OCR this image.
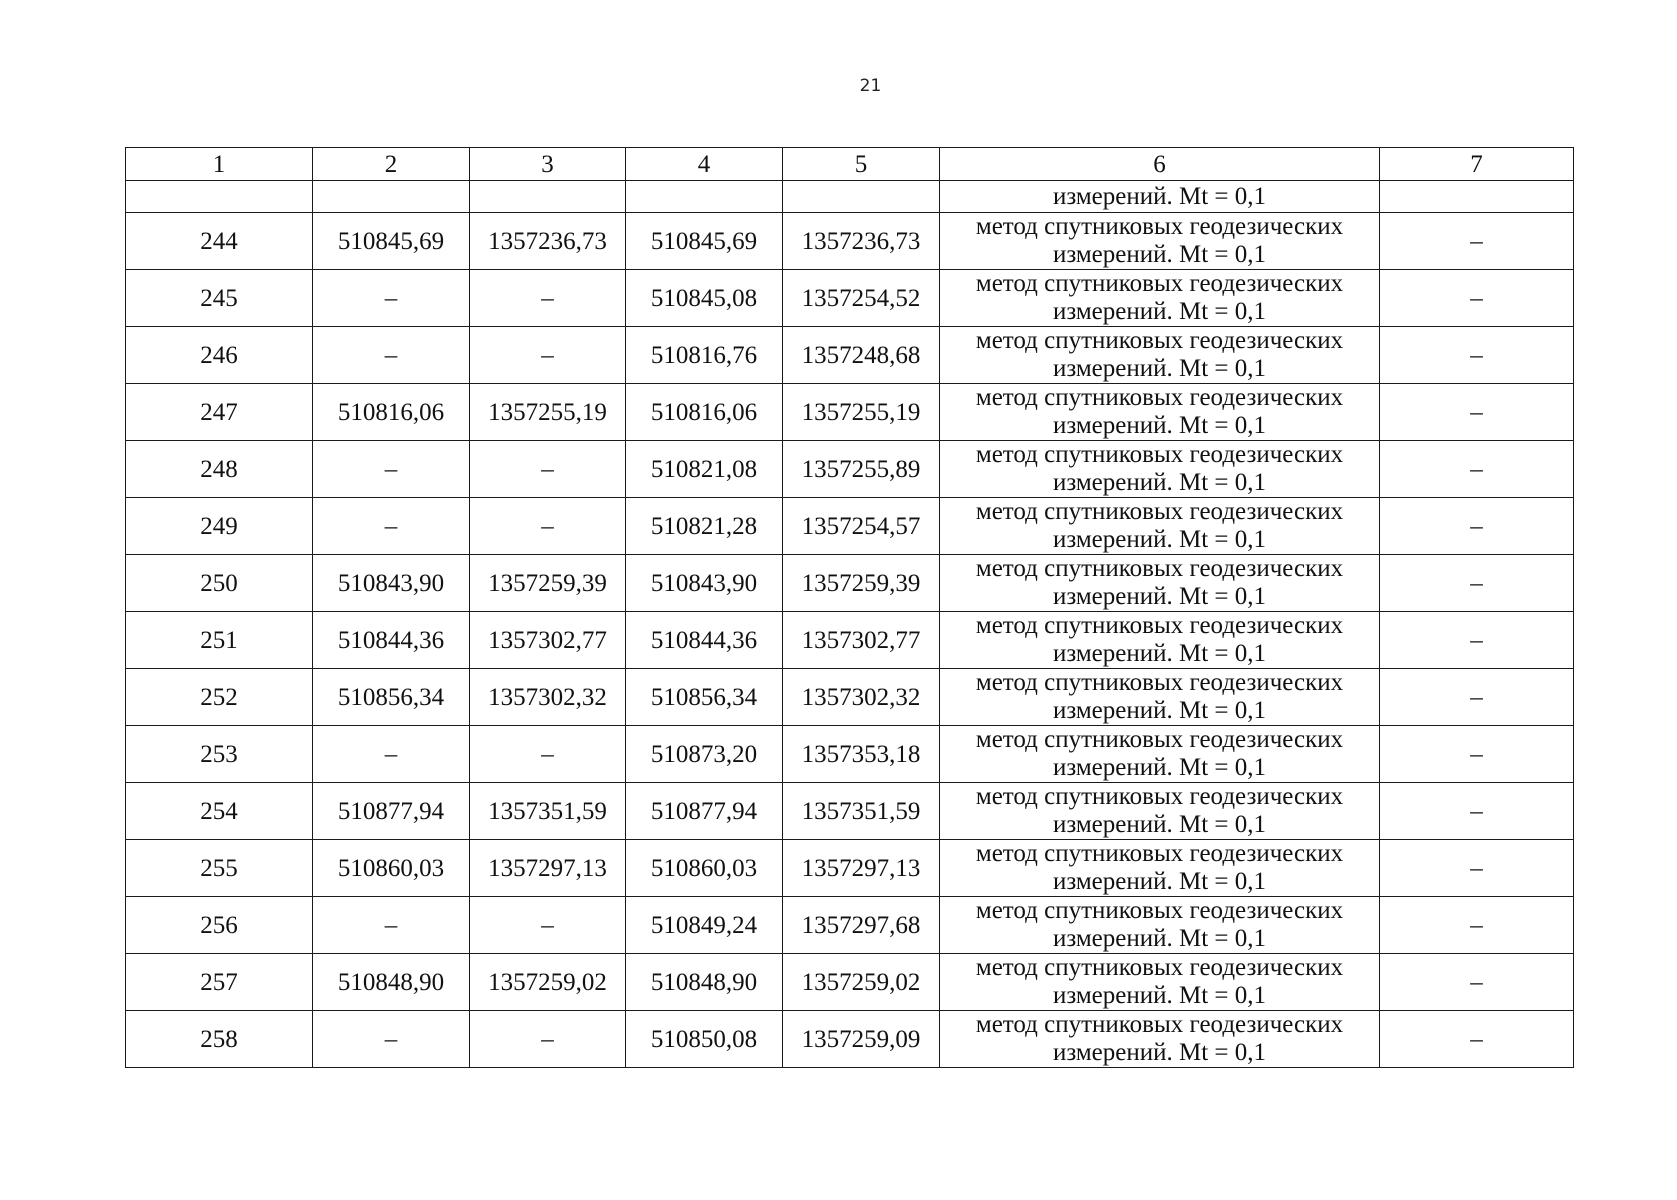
21
1	2	3	4	5	6	7
					измерений. Mt = 0,1	
244	510845,69	1357236,73	510845,69	1357236,73	метод спутниковых геодезических измерений. Mt = 0,1	–
245	–	–	510845,08	1357254,52	метод спутниковых геодезических измерений. Mt = 0,1	–
246	–	–	510816,76	1357248,68	метод спутниковых геодезических измерений. Mt = 0,1	–
247	510816,06	1357255,19	510816,06	1357255,19	метод спутниковых геодезических измерений. Mt = 0,1	–
248	–	–	510821,08	1357255,89	метод спутниковых геодезических измерений. Mt = 0,1	–
249	–	–	510821,28	1357254,57	метод спутниковых геодезических измерений. Mt = 0,1	–
250	510843,90	1357259,39	510843,90	1357259,39	метод спутниковых геодезических измерений. Mt = 0,1	–
251	510844,36	1357302,77	510844,36	1357302,77	метод спутниковых геодезических измерений. Mt = 0,1	–
252	510856,34	1357302,32	510856,34	1357302,32	метод спутниковых геодезических измерений. Mt = 0,1	–
253	–	–	510873,20	1357353,18	метод спутниковых геодезических измерений. Mt = 0,1	–
254	510877,94	1357351,59	510877,94	1357351,59	метод спутниковых геодезических измерений. Mt = 0,1	–
255	510860,03	1357297,13	510860,03	1357297,13	метод спутниковых геодезических измерений. Mt = 0,1	–
256	–	–	510849,24	1357297,68	метод спутниковых геодезических измерений. Mt = 0,1	–
257	510848,90	1357259,02	510848,90	1357259,02	метод спутниковых геодезических измерений. Mt = 0,1	–
258	–	–	510850,08	1357259,09	метод спутниковых геодезических измерений. Mt = 0,1	–
